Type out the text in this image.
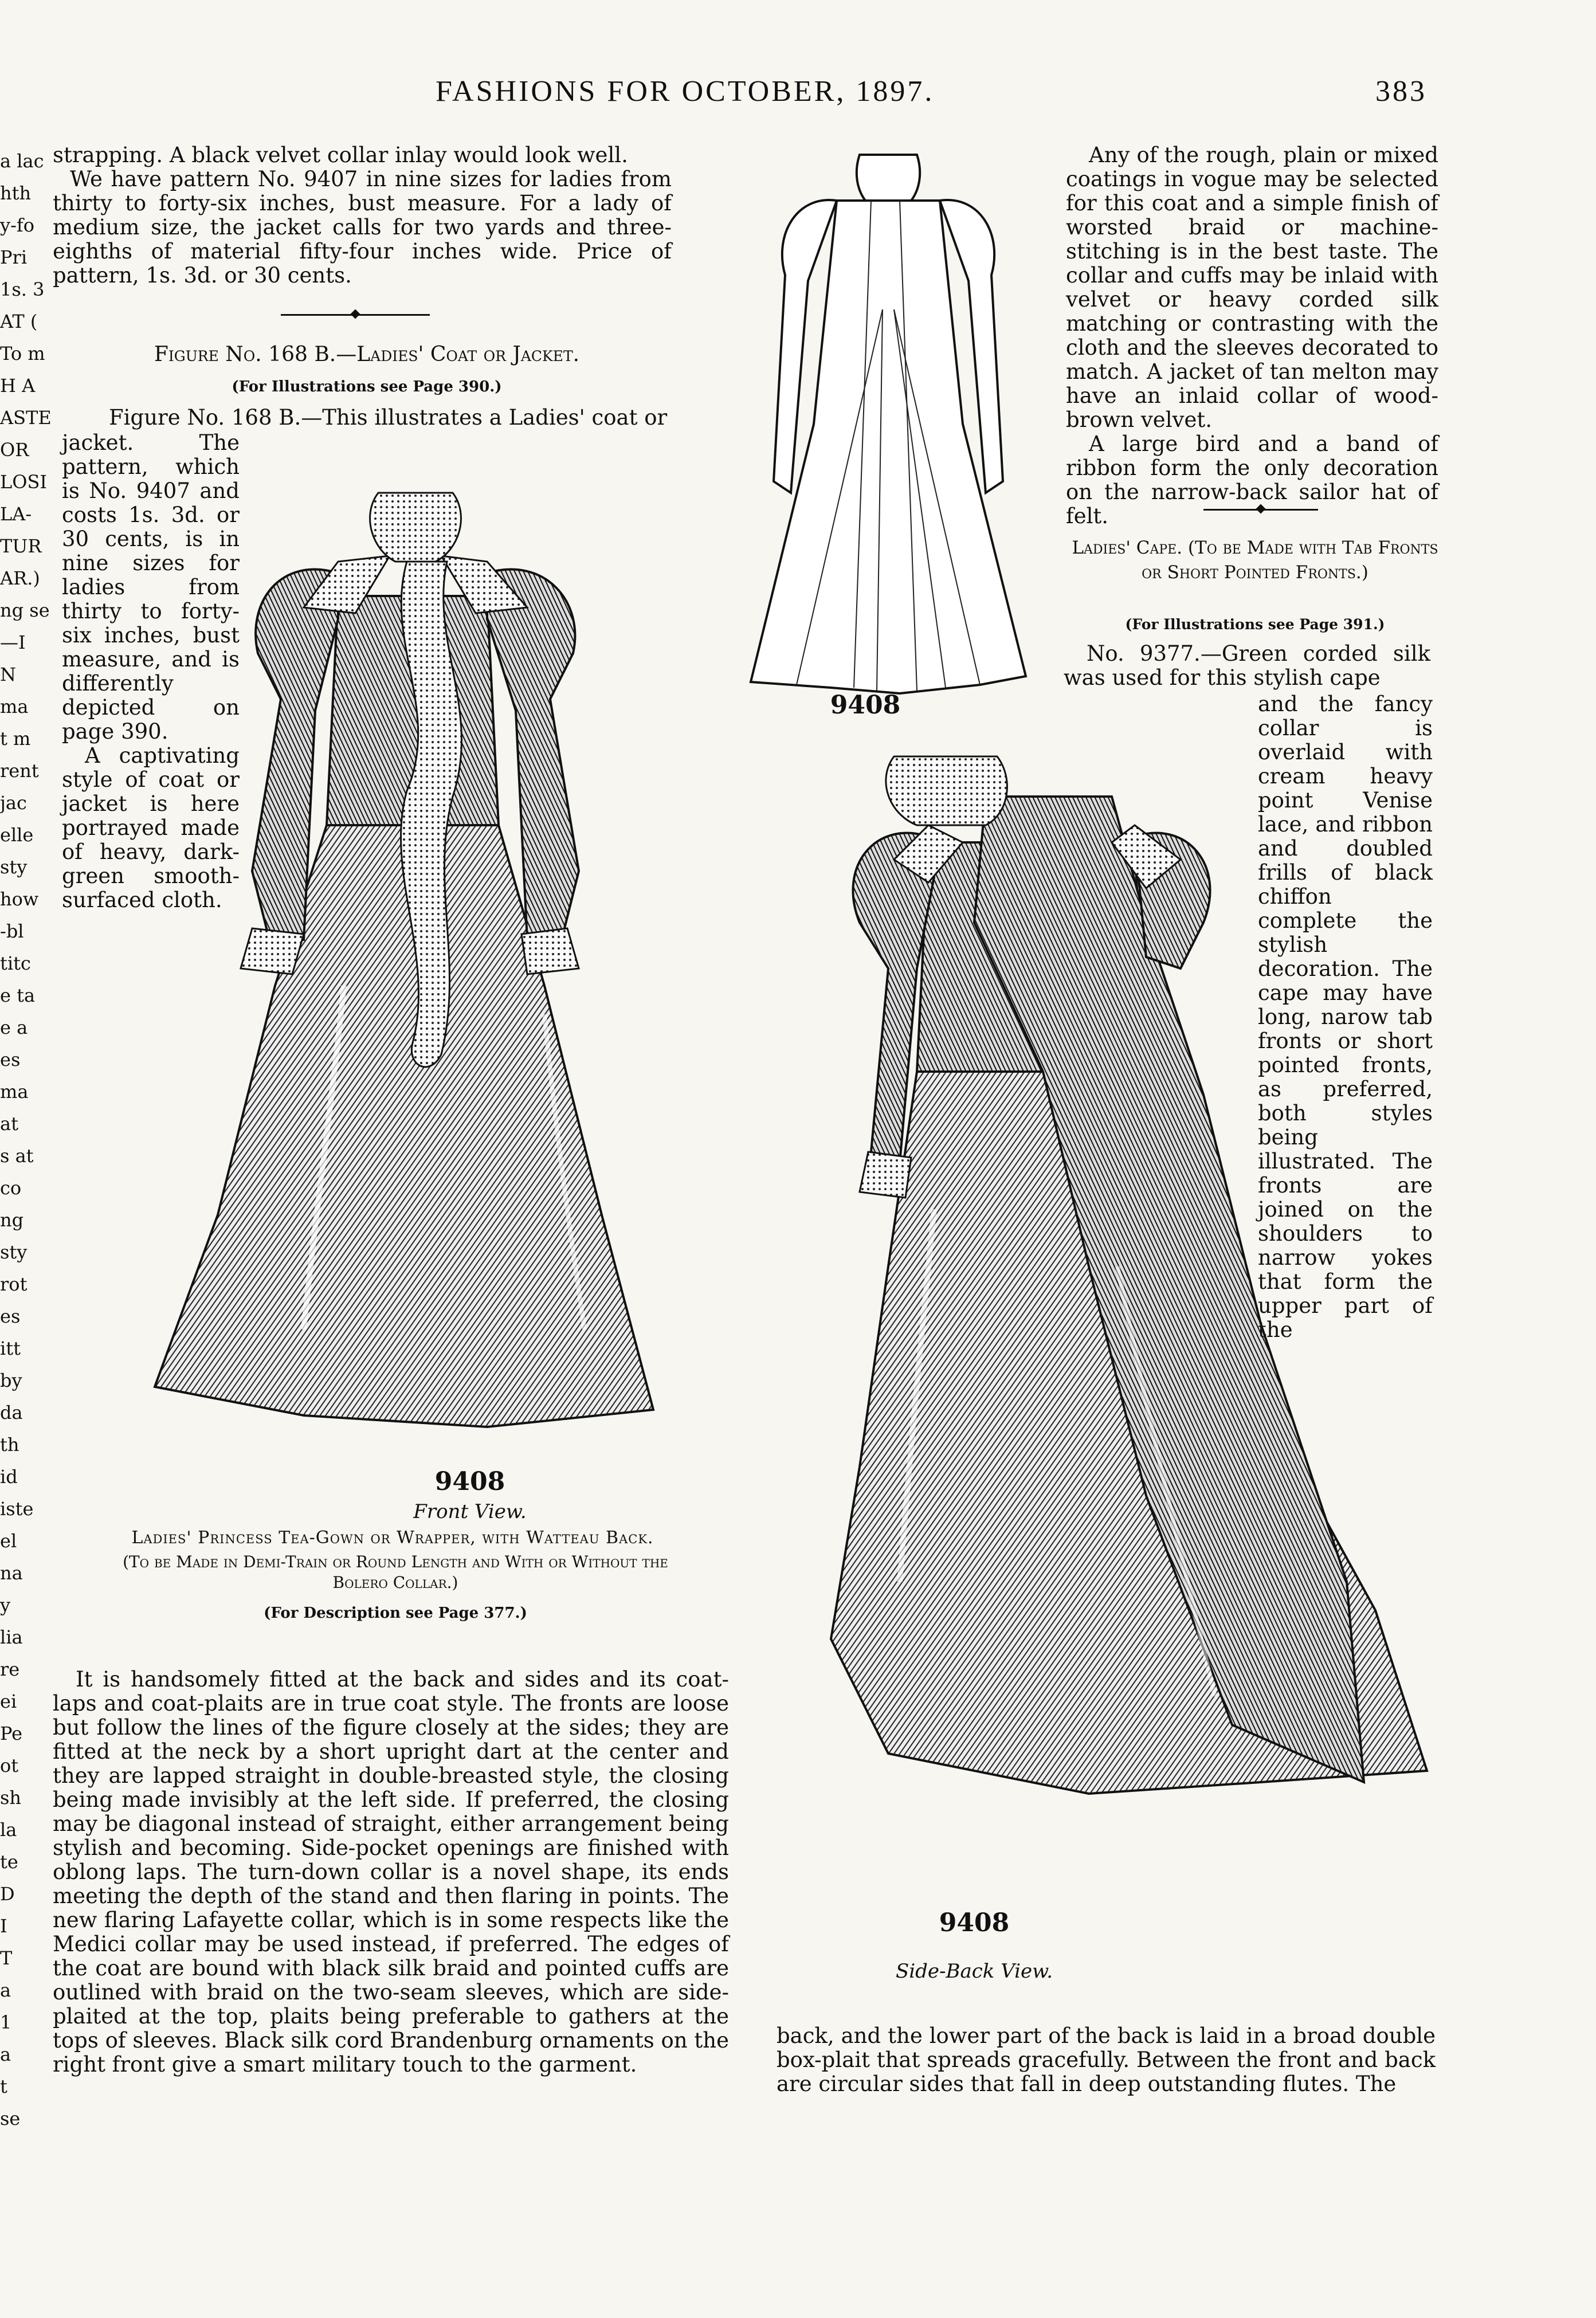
FASHIONS FOR OCTOBER, 1897.	383
a lac
hth
y-fo
Pri
1s. 3
AT (
To m
H A
ASTE
OR
LOSI
LA-
TUR
AR.)
ng se
—I
N
ma
t m
rent
jac
elle
sty
how
-bl
titc
e ta
e a
es
ma
at
s at
co
ng
sty
rot
es
itt
by
da
th
id
iste
el
na
y
lia
re
ei
Pe
ot
sh
la
te
D
I
T
a
1
a
t
se

strapping. A black velvet collar inlay would look well.

We have pattern No. 9407 in nine sizes for ladies from thirty to forty-six inches, bust measure. For a lady of medium size, the jacket calls for two yards and three-eighths of material fifty-four inches wide. Price of pattern, 1s. 3d. or 30 cents.

Figure No. 168 B.—Ladies' Coat or Jacket.
(For Illustrations see Page 390.)
Figure No. 168 B.—This illustrates a Ladies' coat or

jacket. The pattern, which is No. 9407 and costs 1s. 3d. or 30 cents, is in nine sizes for ladies from thirty to forty-six inches, bust measure, and is differently depicted on page 390.

A captivating style of coat or jacket is here portrayed made of heavy, dark-green smooth-surfaced cloth.

9408
Front View.
Ladies' Princess Tea-Gown or Wrapper, with Watteau Back.
(To be Made in Demi-Train or Round Length and With or Without the Bolero Collar.)
(For Description see Page 377.)
It is handsomely fitted at the back and sides and its coat-laps and coat-plaits are in true coat style. The fronts are loose but follow the lines of the figure closely at the sides; they are fitted at the neck by a short upright dart at the center and they are lapped straight in double-breasted style, the closing being made invisibly at the left side. If preferred, the closing may be diagonal instead of straight, either arrangement being stylish and becoming. Side-pocket openings are finished with oblong laps. The turn-down collar is a novel shape, its ends meeting the depth of the stand and then flaring in points. The new flaring Lafayette collar, which is in some respects like the Medici collar may be used instead, if preferred. The edges of the coat are bound with black silk braid and pointed cuffs are outlined with braid on the two-seam sleeves, which are side-plaited at the top, plaits being preferable to gathers at the tops of sleeves. Black silk cord Brandenburg ornaments on the right front give a smart military touch to the garment.
9408
9408
Side-Back View.

Any of the rough, plain or mixed coatings in vogue may be selected for this coat and a simple finish of worsted braid or machine-stitching is in the best taste. The collar and cuffs may be inlaid with velvet or heavy corded silk matching or contrasting with the cloth and the sleeves decorated to match. A jacket of tan melton may have an inlaid collar of wood-brown velvet.

A large bird and a band of ribbon form the only decoration on the narrow-back sailor hat of felt.

Ladies' Cape. (To be Made with Tab Fronts or Short Pointed Fronts.)
(For Illustrations see Page 391.)
No. 9377.—Green corded silk was used for this stylish cape

and the fancy collar is overlaid with cream heavy point Venise lace, and ribbon and doubled frills of black chiffon complete the stylish decoration. The cape may have long, narow tab fronts or short pointed fronts, as preferred, both styles being illustrated. The fronts are joined on the shoulders to narrow yokes that form the upper part of the

back, and the lower part of the back is laid in a broad double box-plait that spreads gracefully. Between the front and back are circular sides that fall in deep outstanding flutes. The
